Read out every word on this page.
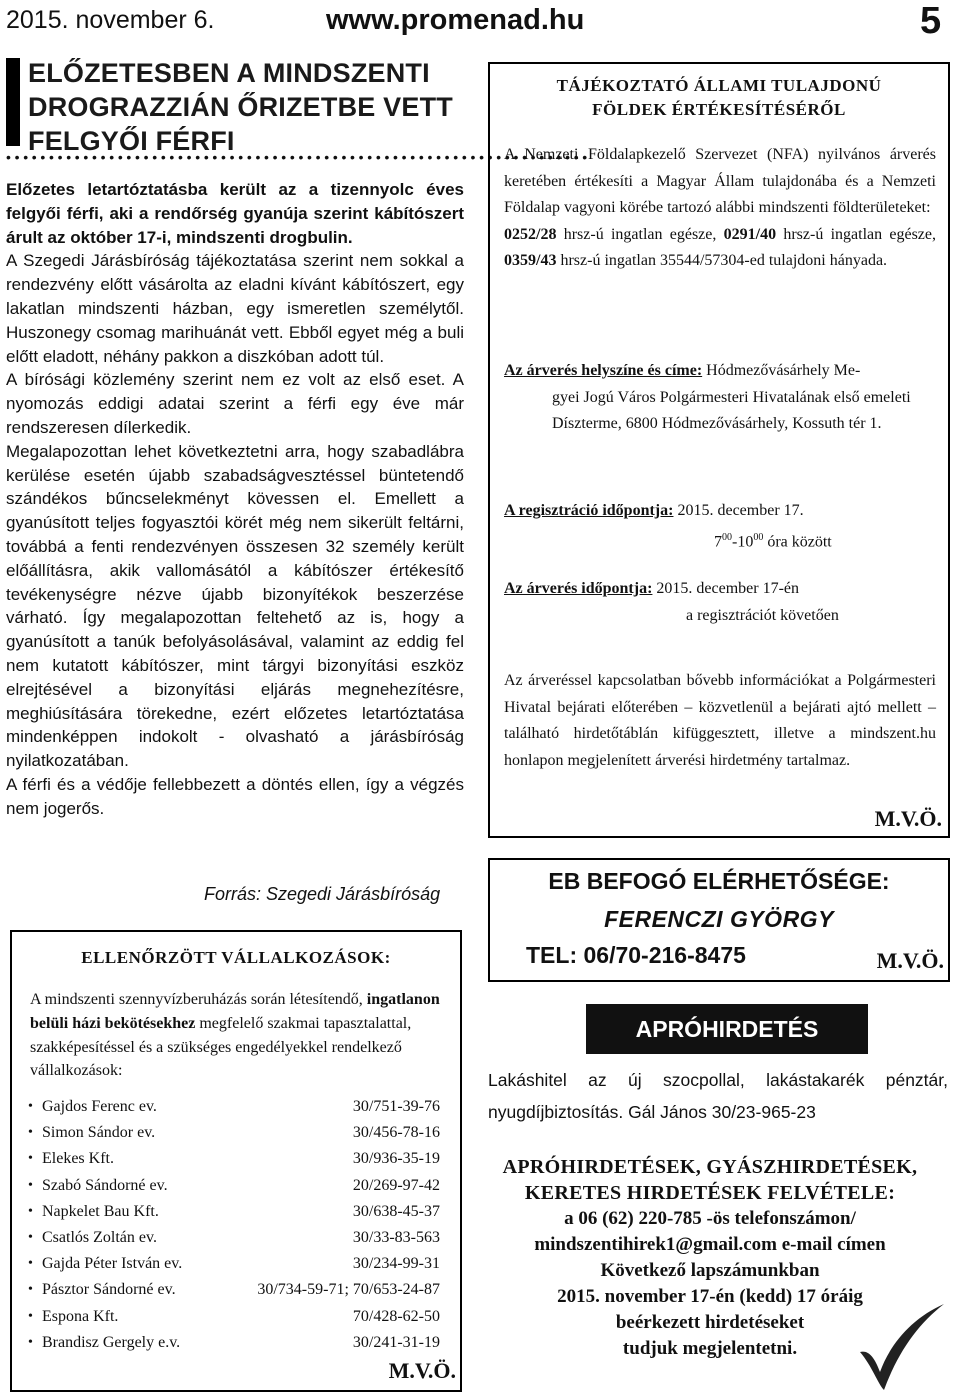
2015. november 6.	www.promenad.hu	5
ELŐZETESBEN A MINDSZENTI
DROGRAZZIÁN ŐRIZETBE VETT
FELGYŐI FÉRFI
••••••••••••••••••••••••••••••••••••••••••••••••••••••••••••••••••••

Előzetes letartóztatásba került az a tizennyolc éves felgyői férfi, aki a rendőrség gyanúja szerint kábítószert árult az október 17-i, mindszenti drogbulin.

A Szegedi Járásbíróság tájékoztatása szerint nem sokkal a rendezvény előtt vásárolta az eladni kívánt kábítószert, egy lakatlan mindszenti házban, egy ismeretlen személytől. Huszonegy csomag marihuánát vett. Ebből egyet még a buli előtt eladott, néhány pakkon a diszkóban adott túl.

A bírósági közlemény szerint nem ez volt az első eset. A nyomozás eddigi adatai szerint a férfi egy éve már rendszeresen dílerkedik.

Megalapozottan lehet következtetni arra, hogy szabadlábra kerülése esetén újabb szabadságvesztéssel büntetendő szándékos bűncselekményt kövessen el. Emellett a gyanúsított teljes fogyasztói körét még nem sikerült feltárni, továbbá a fenti rendezvényen összesen 32 személy került előállításra, akik vallomásától a kábítószer értékesítő tevékenységre nézve újabb bizonyítékok beszerzése várható. Így megalapozottan feltehető az is, hogy a gyanúsított a tanúk befolyásolásával, valamint az eddig fel nem kutatott kábítószer, mint tárgyi bizonyítási eszköz elrejtésével a bizonyítási eljárás megnehezítésre, meghiúsítására törekedne, ezért előzetes letartóztatása mindenképpen indokolt - olvasható a járásbíróság nyilatkozatában.

A férfi és a védője fellebbezett a döntés ellen, így a végzés nem jogerős.

Forrás: Szegedi Járásbíróság
ELLENŐRZÖTT VÁLLALKOZÁSOK:
A mindszenti szennyvízberuházás során létesítendő, ingatlanon belüli házi bekötésekhez megfelelő szakmai tapasztalattal, szakképesítéssel és a szükséges engedélyekkel rendelkező vállalkozások:
• Gajdos Ferenc ev.	30/751-39-76
• Simon Sándor ev.	30/456-78-16
• Elekes Kft.	30/936-35-19
• Szabó Sándorné ev.	20/269-97-42
• Napkelet Bau Kft.	30/638-45-37
• Csatlós Zoltán ev.	30/33-83-563
• Gajda Péter István ev.	30/234-99-31
• Pásztor Sándorné ev.	30/734-59-71; 70/653-24-87
• Espona Kft.	70/428-62-50
• Brandisz Gergely e.v.	30/241-31-19
M.V.Ö.
TÁJÉKOZTATÓ ÁLLAMI TULAJDONÚ
FÖLDEK ÉRTÉKESÍTÉSÉRŐL
A Nemzeti Földalapkezelő Szervezet (NFA) nyilvános árverés keretében értékesíti a Magyar Állam tulajdonába és a Nemzeti Földalap vagyoni körébe tartozó alábbi mindszenti földterületeket:
0252/28 hrsz-ú ingatlan egésze, 0291/40 hrsz-ú ingatlan egésze, 0359/43 hrsz-ú ingatlan 35544/57304-ed tulajdoni hányada.
Az árverés helyszíne és címe: Hódmezővásárhely Me-
gyei Jogú Város Polgármesteri Hivatalának első emeleti Díszterme, 6800 Hódmezővásárhely, Kossuth tér 1.
A regisztráció időpontja: 2015. december 17.
$7^{00}-10^{00}$ óra között
Az árverés időpontja: 2015. december 17-én
a regisztrációt követően
Az árveréssel kapcsolatban bővebb információkat a Polgármesteri Hivatal bejárati előterében – közvetlenül a bejárati ajtó mellett – található hirdetőtáblán kifüggesztett, illetve a mindszent.hu honlapon megjelenített árverési hirdetmény tartalmaz.
M.V.Ö.
EB BEFOGÓ ELÉRHETŐSÉGE:
FERENCZI GYÖRGY
TEL: 06/70-216-8475	M.V.Ö.
APRÓHIRDETÉS
Lakáshitel az új szocpollal, lakástakarék pénztár, nyugdíjbiztosítás. Gál János 30/23-965-23
APRÓHIRDETÉSEK, GYÁSZHIRDETÉSEK,
KERETES HIRDETÉSEK FELVÉTELE:
a 06 (62) 220-785 -ös telefonszámon/
mindszentihirek1@gmail.com e-mail címen
Következő lapszámunkban
2015. november 17-én (kedd) 17 óráig
beérkezett hirdetéseket
tudjuk megjelentetni.
